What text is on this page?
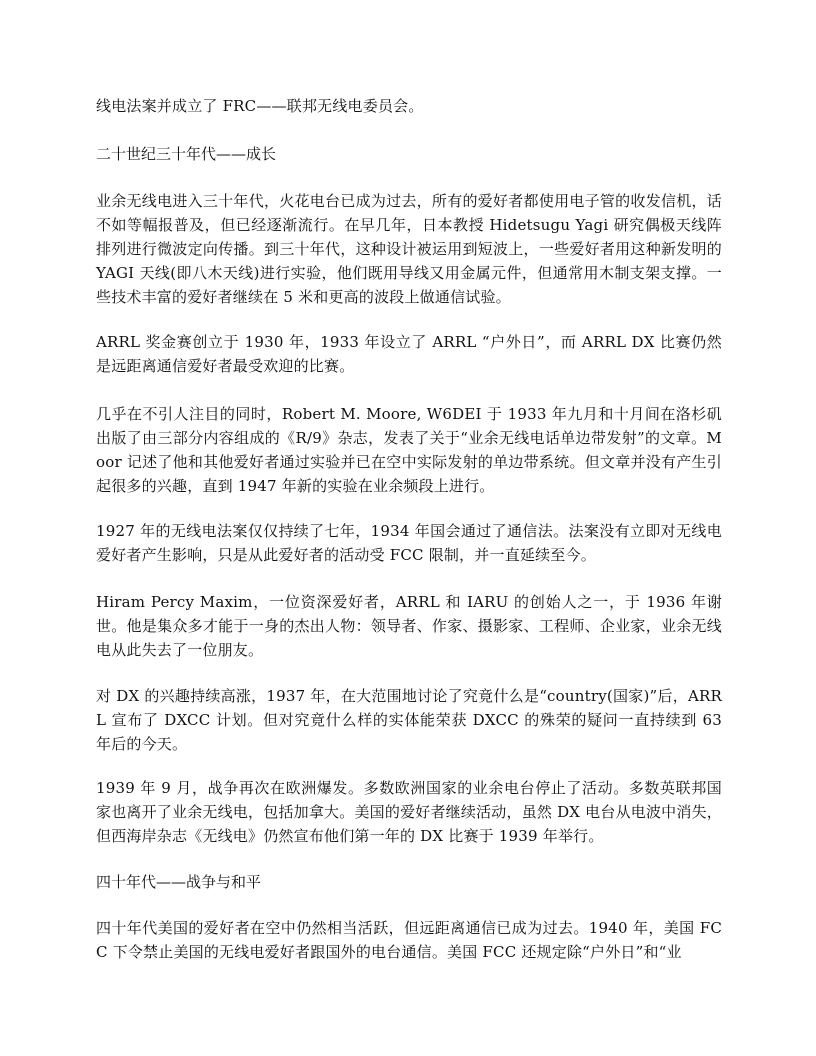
线电法案并成立了 FRC——联邦无线电委员会。

二十世纪三十年代——成长

业余无线电进入三十年代，火花电台已成为过去，所有的爱好者都使用电子管的收发信机，话不如等幅报普及，但已经逐渐流行。在早几年，日本教授 Hidetsugu Yagi 研究偶极天线阵排列进行微波定向传播。到三十年代，这种设计被运用到短波上，一些爱好者用这种新发明的 YAGI 天线(即八木天线)进行实验，他们既用导线又用金属元件，但通常用木制支架支撑。一些技术丰富的爱好者继续在 5 米和更高的波段上做通信试验。

ARRL 奖金赛创立于 1930 年，1933 年设立了 ARRL “户外日”，而 ARRL DX 比赛仍然是远距离通信爱好者最受欢迎的比赛。

几乎在不引人注目的同时，Robert M. Moore, W6DEI 于 1933 年九月和十月间在洛杉矶出版了由三部分内容组成的《R/9》杂志，发表了关于“业余无线电话单边带发射”的文章。Moor 记述了他和其他爱好者通过实验并已在空中实际发射的单边带系统。但文章并没有产生引起很多的兴趣，直到 1947 年新的实验在业余频段上进行。

1927 年的无线电法案仅仅持续了七年，1934 年国会通过了通信法。法案没有立即对无线电爱好者产生影响，只是从此爱好者的活动受 FCC 限制，并一直延续至今。

Hiram Percy Maxim，一位资深爱好者，ARRL 和 IARU 的创始人之一，于 1936 年谢世。他是集众多才能于一身的杰出人物：领导者、作家、摄影家、工程师、企业家，业余无线电从此失去了一位朋友。

对 DX 的兴趣持续高涨，1937 年，在大范围地讨论了究竟什么是“country(国家)”后，ARRL 宣布了 DXCC 计划。但对究竟什么样的实体能荣获 DXCC 的殊荣的疑问一直持续到 63 年后的今天。

1939 年 9 月，战争再次在欧洲爆发。多数欧洲国家的业余电台停止了活动。多数英联邦国家也离开了业余无线电，包括加拿大。美国的爱好者继续活动，虽然 DX 电台从电波中消失，但西海岸杂志《无线电》仍然宣布他们第一年的 DX 比赛于 1939 年举行。

四十年代——战争与和平

四十年代美国的爱好者在空中仍然相当活跃，但远距离通信已成为过去。1940 年，美国 FCC 下令禁止美国的无线电爱好者跟国外的电台通信。美国 FCC 还规定除“户外日”和“业
